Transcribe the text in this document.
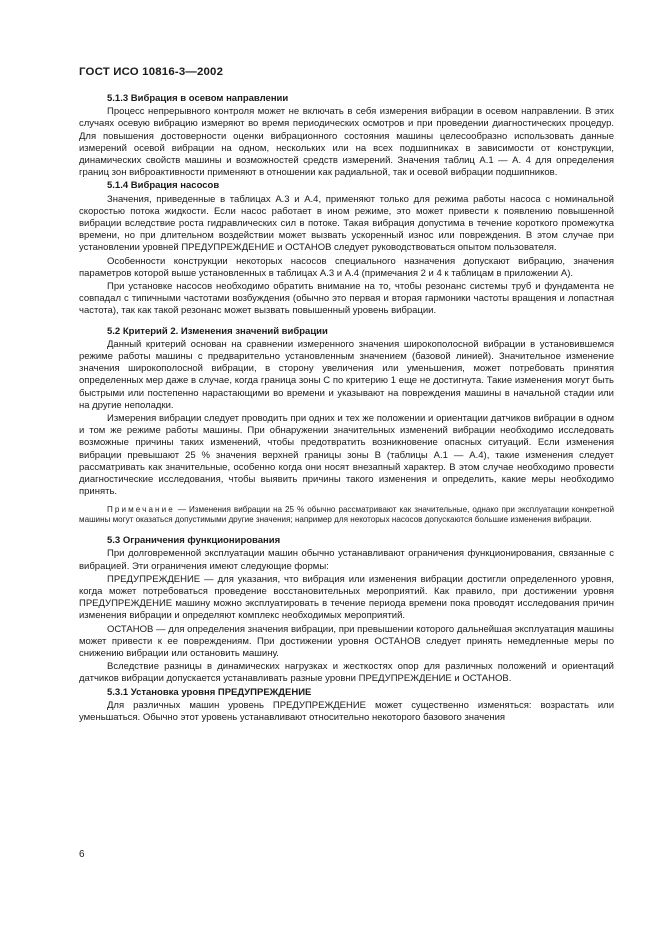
ГОСТ ИСО 10816-3—2002
5.1.3 Вибрация в осевом направлении
Процесс непрерывного контроля может не включать в себя измерения вибрации в осевом направлении. В этих случаях осевую вибрацию измеряют во время периодических осмотров и при проведении диагностических процедур. Для повышения достоверности оценки вибрационного состояния машины целесообразно использовать данные измерений осевой вибрации на одном, нескольких или на всех подшипниках в зависимости от конструкции, динамических свойств машины и возможностей средств измерений. Значения таблиц А.1 — А. 4 для определения границ зон виброактивности применяют в отношении как радиальной, так и осевой вибрации подшипников.
5.1.4 Вибрация насосов
Значения, приведенные в таблицах А.3 и А.4, применяют только для режима работы насоса с номинальной скоростью потока жидкости. Если насос работает в ином режиме, это может привести к появлению повышенной вибрации вследствие роста гидравлических сил в потоке. Такая вибрация допустима в течение короткого промежутка времени, но при длительном воздействии может вызвать ускоренный износ или повреждения. В этом случае при установлении уровней ПРЕДУПРЕЖДЕНИЕ и ОСТАНОВ следует руководствоваться опытом пользователя.
Особенности конструкции некоторых насосов специального назначения допускают вибрацию, значения параметров которой выше установленных в таблицах А.3 и А.4 (примечания 2 и 4 к таблицам в приложении А).
При установке насосов необходимо обратить внимание на то, чтобы резонанс системы труб и фундамента не совпадал с типичными частотами возбуждения (обычно это первая и вторая гармоники частоты вращения и лопастная частота), так как такой резонанс может вызвать повышенный уровень вибрации.
5.2 Критерий 2. Изменения значений вибрации
Данный критерий основан на сравнении измеренного значения широкополосной вибрации в установившемся режиме работы машины с предварительно установленным значением (базовой линией). Значительное изменение значения широкополосной вибрации, в сторону увеличения или уменьшения, может потребовать принятия определенных мер даже в случае, когда граница зоны С по критерию 1 еще не достигнута. Такие изменения могут быть быстрыми или постепенно нарастающими во времени и указывают на повреждения машины в начальной стадии или на другие неполадки.
Измерения вибрации следует проводить при одних и тех же положении и ориентации датчиков вибрации в одном и том же режиме работы машины. При обнаружении значительных изменений вибрации необходимо исследовать возможные причины таких изменений, чтобы предотвратить возникновение опасных ситуаций. Если изменения вибрации превышают 25 % значения верхней границы зоны В (таблицы А.1 — А.4), такие изменения следует рассматривать как значительные, особенно когда они носят внезапный характер. В этом случае необходимо провести диагностические исследования, чтобы выявить причины такого изменения и определить, какие меры необходимо принять.
Примечание — Изменения вибрации на 25 % обычно рассматривают как значительные, однако при эксплуатации конкретной машины могут оказаться допустимыми другие значения; например для некоторых насосов допускаются большие изменения вибрации.
5.3 Ограничения функционирования
При долговременной эксплуатации машин обычно устанавливают ограничения функционирования, связанные с вибрацией. Эти ограничения имеют следующие формы:
ПРЕДУПРЕЖДЕНИЕ — для указания, что вибрация или изменения вибрации достигли определенного уровня, когда может потребоваться проведение восстановительных мероприятий. Как правило, при достижении уровня ПРЕДУПРЕЖДЕНИЕ машину можно эксплуатировать в течение периода времени пока проводят исследования причин изменения вибрации и определяют комплекс необходимых мероприятий.
ОСТАНОВ — для определения значения вибрации, при превышении которого дальнейшая эксплуатация машины может привести к ее повреждениям. При достижении уровня ОСТАНОВ следует принять немедленные меры по снижению вибрации или остановить машину.
Вследствие разницы в динамических нагрузках и жесткостях опор для различных положений и ориентаций датчиков вибрации допускается устанавливать разные уровни ПРЕДУПРЕЖДЕНИЕ и ОСТАНОВ.
5.3.1 Установка уровня ПРЕДУПРЕЖДЕНИЕ
Для различных машин уровень ПРЕДУПРЕЖДЕНИЕ может существенно изменяться: возрастать или уменьшаться. Обычно этот уровень устанавливают относительно некоторого базового значения
6
